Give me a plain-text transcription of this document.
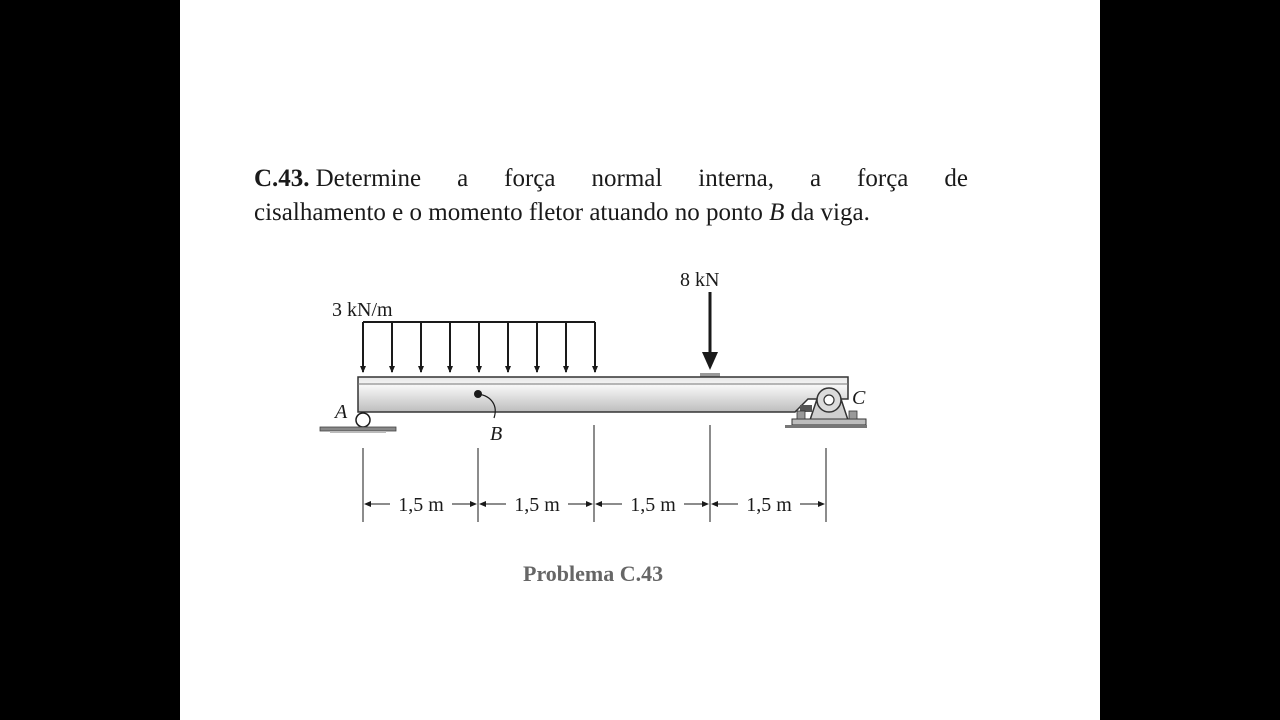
C.43. Determine a força normal interna, a força de
cisalhamento e o momento fletor atuando no ponto B da viga.
3 kN/m
8 kN
B
A
C
1,5 m	1,5 m	1,5 m	1,5 m
Problema C.43
